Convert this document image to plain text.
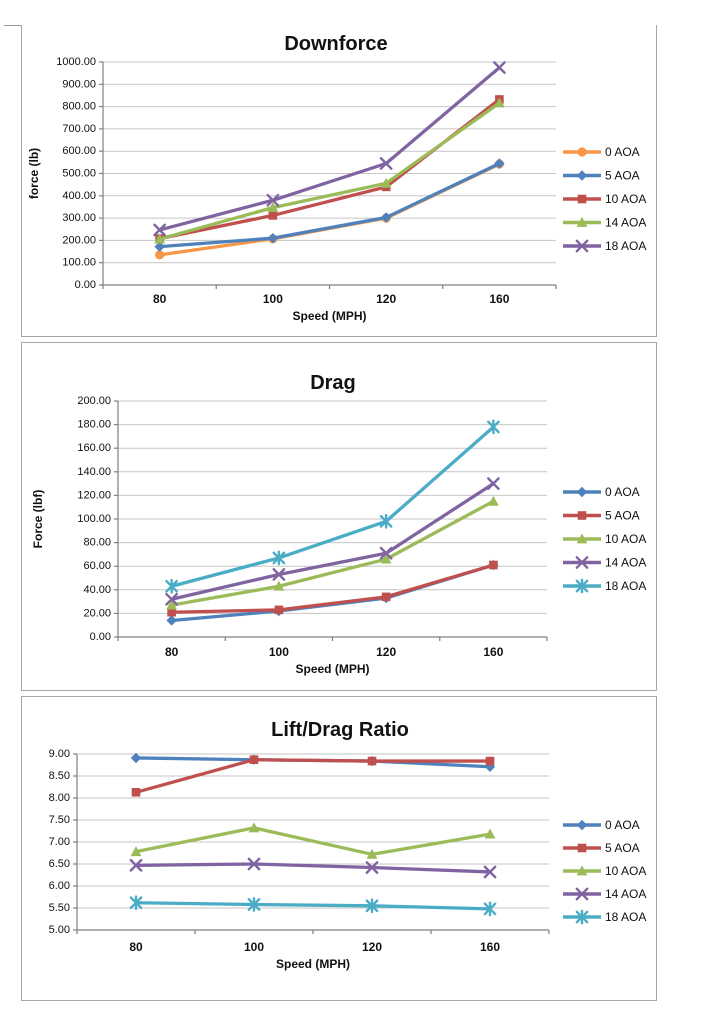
1000.00
900.00
800.00
700.00
600.00
500.00
400.00
300.00
200.00
100.00
0.00
80	100	120	160
Downforce
Speed (MPH)
force (lb)	0 AOA
5 AOA
10 AOA
14 AOA
18 AOA
200.00
180.00
160.00
140.00
120.00
100.00
80.00
60.00
40.00
20.00
0.00
80	100	120	160
Drag
Speed (MPH)
Force (lbf)	0 AOA
5 AOA
10 AOA
14 AOA
18 AOA
9.00
8.50
8.00
7.50
7.00
6.50
6.00
5.50
5.00
80	100	120	160
Lift/Drag Ratio
Speed (MPH)
0 AOA
5 AOA
10 AOA
14 AOA
18 AOA
